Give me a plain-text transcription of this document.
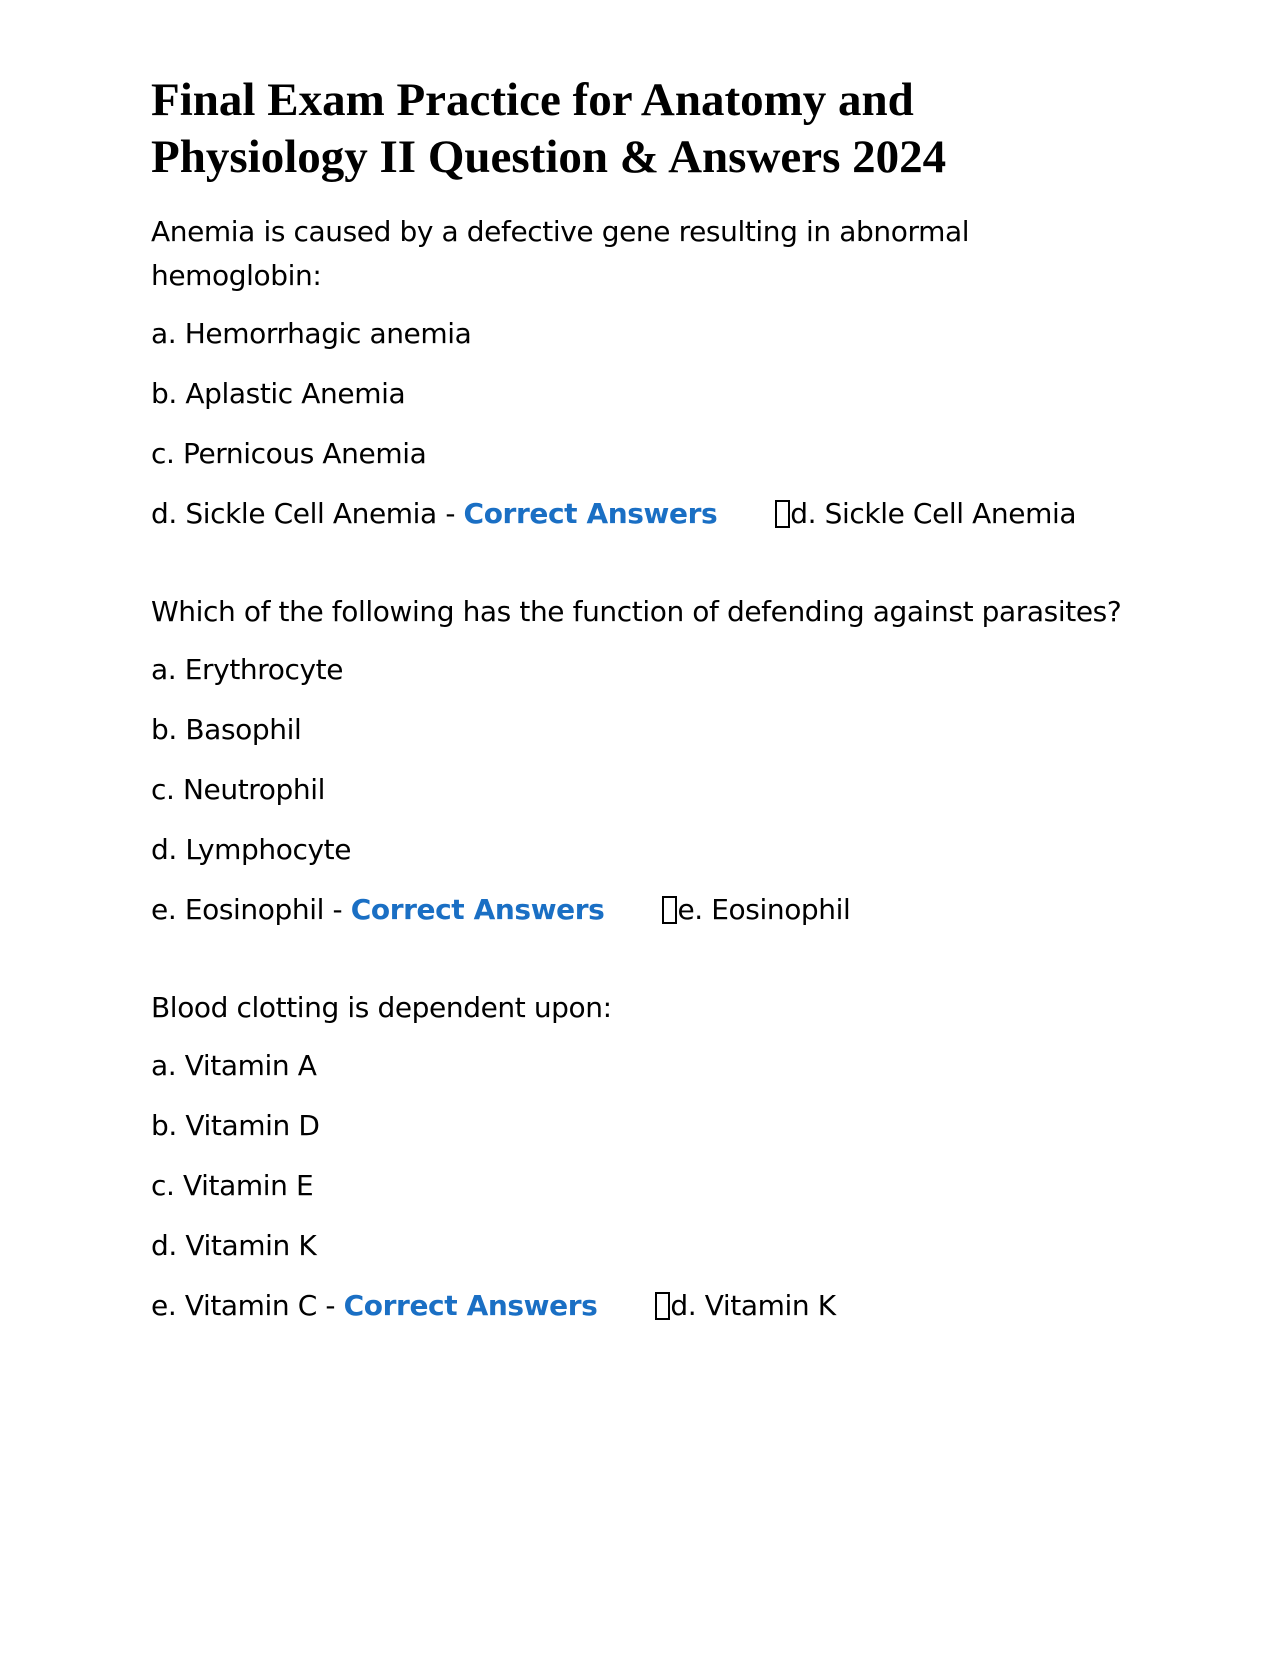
Final Exam Practice for Anatomy and Physiology II Question & Answers 2024

Anemia is caused by a defective gene resulting in abnormal hemoglobin:

a. Hemorrhagic anemia
b. Aplastic Anemia
c. Pernicous Anemia
d. Sickle Cell Anemia - Correct Answers	d. Sickle Cell Anemia

Which of the following has the function of defending against parasites?

a. Erythrocyte
b. Basophil
c. Neutrophil
d. Lymphocyte
e. Eosinophil - Correct Answers	e. Eosinophil

Blood clotting is dependent upon:

a. Vitamin A
b. Vitamin D
c. Vitamin E
d. Vitamin K
e. Vitamin C - Correct Answers	d. Vitamin K
